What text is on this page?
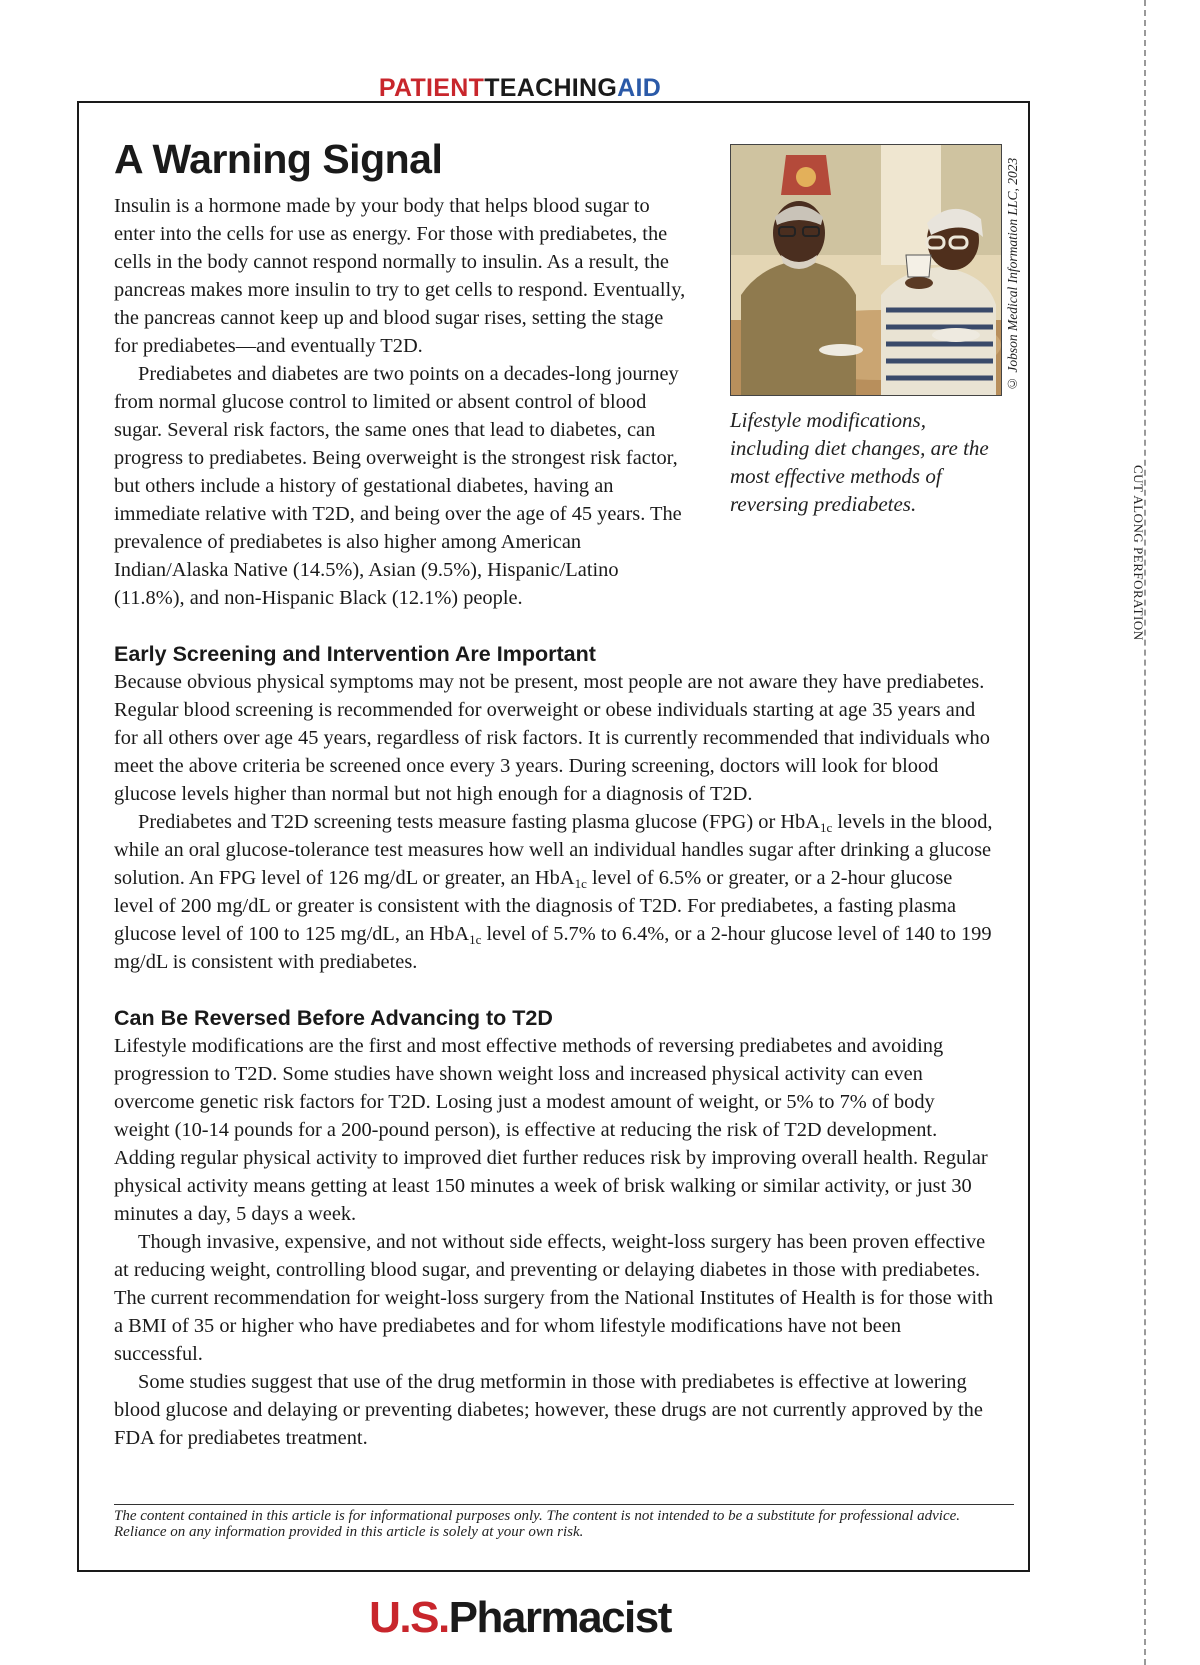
PATIENTTEACHINGAID
CUT ALONG PERFORATION
© Jobson Medical Information LLC, 2023
Lifestyle modifications, including diet changes, are the most effective methods of reversing prediabetes.
A Warning Signal

Insulin is a hormone made by your body that helps blood sugar to enter into the cells for use as energy. For those with prediabetes, the cells in the body cannot respond normally to insulin. As a result, the pancreas makes more insulin to try to get cells to respond. Eventually, the pancreas cannot keep up and blood sugar rises, setting the stage for prediabetes—and eventually T2D.

Prediabetes and diabetes are two points on a decades-long journey from normal glucose control to limited or absent control of blood sugar. Several risk factors, the same ones that lead to diabetes, can progress to prediabetes. Being overweight is the strongest risk factor, but others include a history of gestational diabetes, having an immediate relative with T2D, and being over the age of 45 years. The prevalence of prediabetes is also higher among American Indian/Alaska Native (14.5%), Asian (9.5%), Hispanic/Latino (11.8%), and non-Hispanic Black (12.1%) people.

Early Screening and Intervention Are Important

Because obvious physical symptoms may not be present, most people are not aware they have prediabetes. Regular blood screening is recommended for overweight or obese individuals starting at age 35 years and for all others over age 45 years, regardless of risk factors. It is currently recommended that individuals who meet the above criteria be screened once every 3 years. During screening, doctors will look for blood glucose levels higher than normal but not high enough for a diagnosis of T2D.

Prediabetes and T2D screening tests measure fasting plasma glucose (FPG) or HbA$_{1c}$ levels in the blood, while an oral glucose-tolerance test measures how well an individual handles sugar after drinking a glucose solution. An FPG level of 126 mg/dL or greater, an HbA$_{1c}$ level of 6.5% or greater, or a 2-hour glucose level of 200 mg/dL or greater is consistent with the diagnosis of T2D. For prediabetes, a fasting plasma glucose level of 100 to 125 mg/dL, an HbA$_{1c}$ level of 5.7% to 6.4%, or a 2-hour glucose level of 140 to 199 mg/dL is consistent with prediabetes.

Can Be Reversed Before Advancing to T2D

Lifestyle modifications are the first and most effective methods of reversing prediabetes and avoiding progression to T2D. Some studies have shown weight loss and increased physical activity can even overcome genetic risk factors for T2D. Losing just a modest amount of weight, or 5% to 7% of body weight (10-14 pounds for a 200-pound person), is effective at reducing the risk of T2D development. Adding regular physical activity to improved diet further reduces risk by improving overall health. Regular physical activity means getting at least 150 minutes a week of brisk walking or similar activity, or just 30 minutes a day, 5 days a week.

Though invasive, expensive, and not without side effects, weight-loss surgery has been proven effective at reducing weight, controlling blood sugar, and preventing or delaying diabetes in those with prediabetes. The current recommendation for weight-loss surgery from the National Institutes of Health is for those with a BMI of 35 or higher who have prediabetes and for whom lifestyle modifications have not been successful.

Some studies suggest that use of the drug metformin in those with prediabetes is effective at lowering blood glucose and delaying or preventing diabetes; however, these drugs are not currently approved by the FDA for prediabetes treatment.

The content contained in this article is for informational purposes only. The content is not intended to be a substitute for professional advice. Reliance on any information provided in this article is solely at your own risk.
U.S.Pharmacist
